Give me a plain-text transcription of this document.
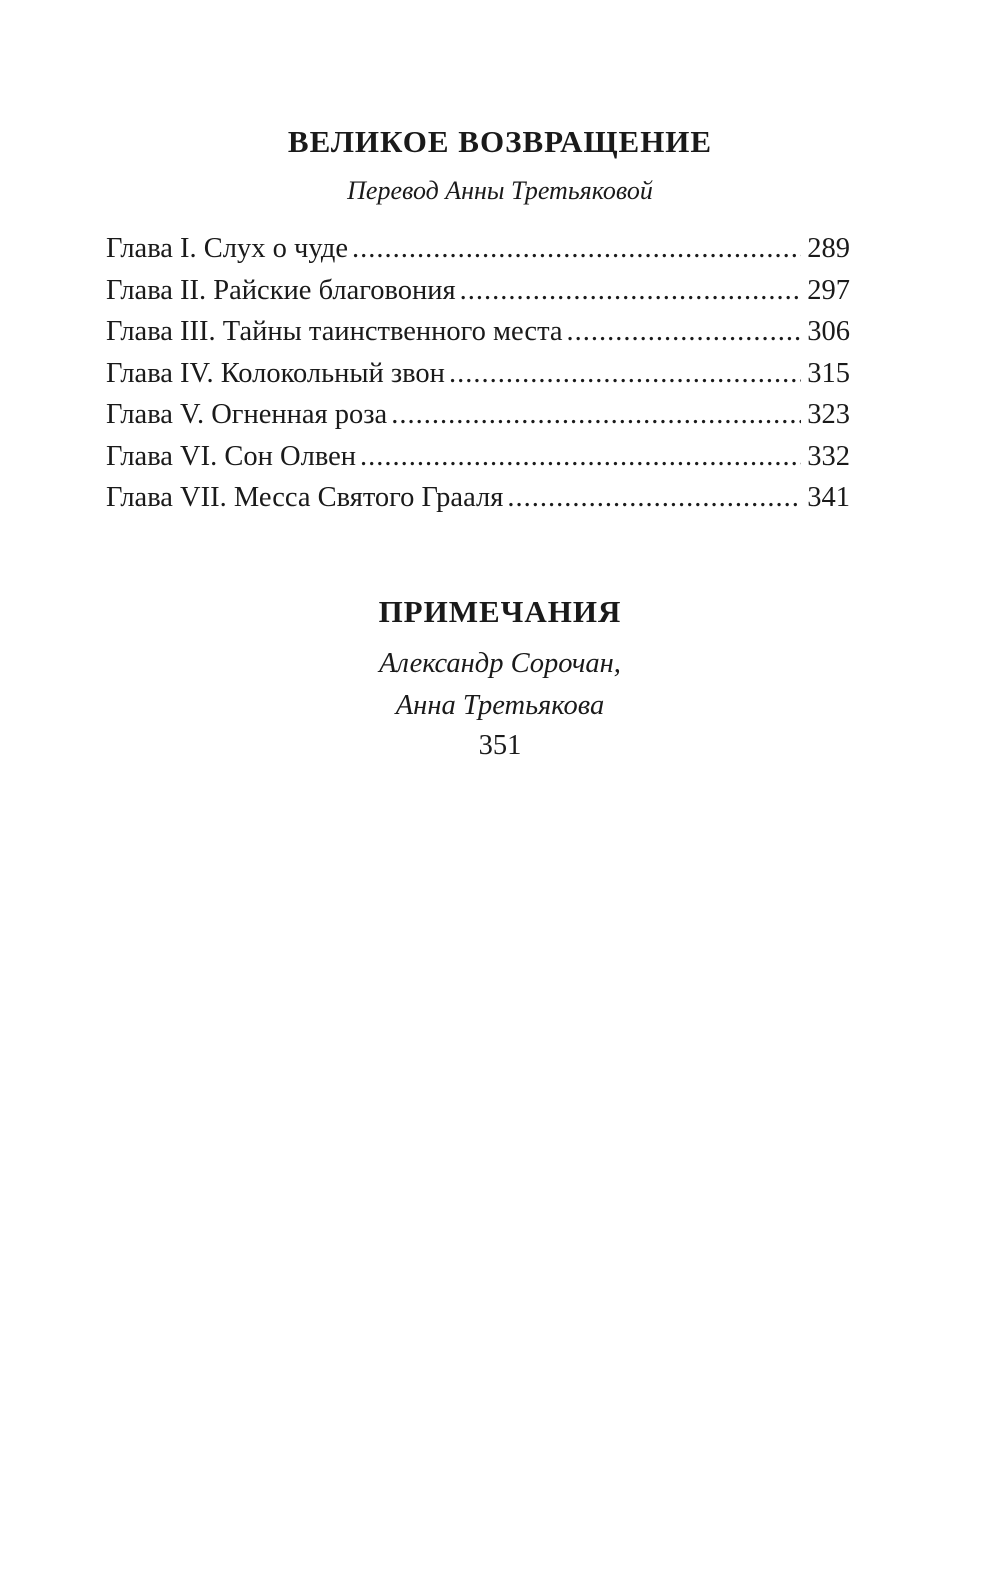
ВЕЛИКОЕ ВОЗВРАЩЕНИЕ
Перевод Анны Третьяковой
Глава I. Слух о чуде .....	289
Глава II. Райские благовония .....	297
Глава III. Тайны таинственного места .....	306
Глава IV. Колокольный звон .....	315
Глава V. Огненная роза .....	323
Глава VI. Сон Олвен .....	332
Глава VII. Месса Святого Грааля .....	341
ПРИМЕЧАНИЯ
Александр Сорочан,
Анна Третьякова
351
